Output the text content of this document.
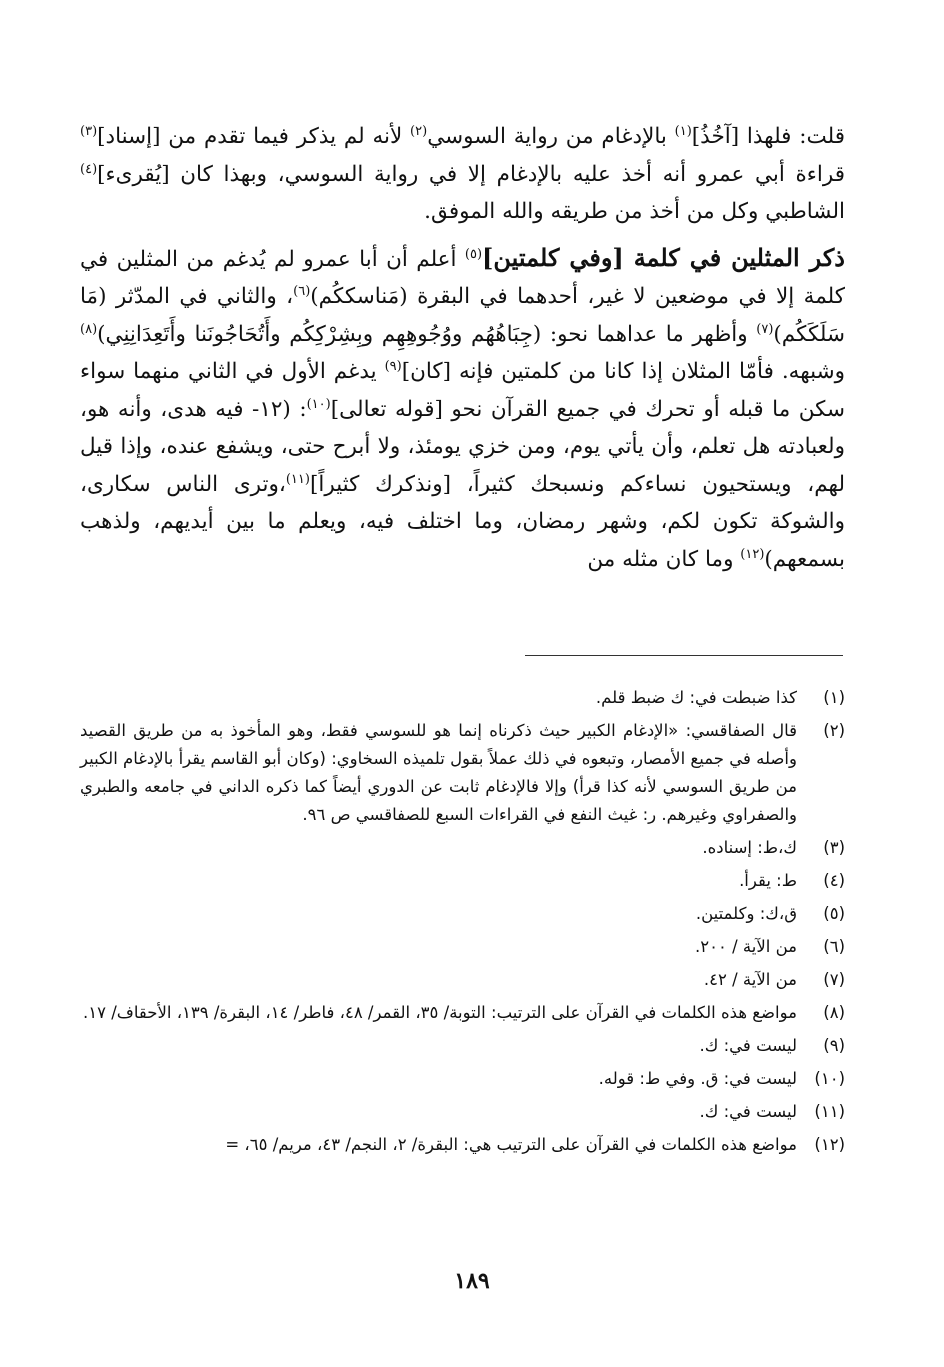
قلت: فلهذا [آخُذُ]$^{(١)}$ بالإدغام من رواية السوسي$^{(٢)}$ لأنه لم يذكر فيما تقدم من [إسناد]$^{(٣)}$ قراءة أبي عمرو أنه أخذ عليه بالإدغام إلا في رواية السوسي، وبهذا كان [يُقرىء]$^{(٤)}$ الشاطبي وكل من أخذ من طريقه والله الموفق.

ذكر المثلين في كلمة [وفي كلمتين]$^{(٥)}$ أعلم أن أبا عمرو لم يُدغم من المثلين في كلمة إلا في موضعين لا غير، أحدهما في البقرة (مَناسككُم)$^{(٦)}$، والثاني في المدّثر (مَا سَلَكَكُم)$^{(٧)}$ وأظهر ما عداهما نحو: (جِبَاهُهُم ووُجُوهِهِم وبِشِرْكِكُم وأَتُحَاجُونَنا وأَتَعِدَانِنِي)$^{(٨)}$ وشبهه. فأمّا المثلان إذا كانا من كلمتين فإنه [كان]$^{(٩)}$ يدغم الأول في الثاني منهما سواء سكن ما قبله أو تحرك في جميع القرآن نحو [قوله تعالى]$^{(١٠)}$: (١٢- فيه هدى، وأنه هو، ولعبادته هل تعلم، وأن يأتي يوم، ومن خزي يومئذ، ولا أبرح حتى، ويشفع عنده، وإذا قيل لهم، ويستحيون نساءكم ونسبحك كثيراً، [ونذكرك كثيراً]$^{(١١)}$،وترى الناس سكارى، والشوكة تكون لكم، وشهر رمضان، وما اختلف فيه، ويعلم ما بين أيديهم، ولذهب بسمعهم)$^{(١٢)}$ وما كان مثله من

(١)
كذا ضبطت في: ك ضبط قلم.
(٢)
قال الصفاقسي: «الإدغام الكبير حيث ذكرناه إنما هو للسوسي فقط، وهو المأخوذ به من طريق القصيد وأصله في جميع الأمصار، وتبعوه في ذلك عملاً بقول تلميذه السخاوي: (وكان أبو القاسم يقرأ بالإدغام الكبير من طريق السوسي لأنه كذا قرأ) وإلا فالإدغام ثابت عن الدوري أيضاً كما ذكره الداني في جامعه والطبري والصفراوي وغيرهم. ر: غيث النفع في القراءات السبع للصفاقسي ص ٩٦.
(٣)
ك،ط: إسناده.
(٤)
ط: يقرأ.
(٥)
ق،ك: وكلمتين.
(٦)
من الآية / ٢٠٠.
(٧)
من الآية / ٤٢.
(٨)
مواضع هذه الكلمات في القرآن على الترتيب: التوبة/ ٣٥، القمر/ ٤٨، فاطر/ ١٤، البقرة/ ١٣٩، الأحقاف/ ١٧.
(٩)
ليست في: ك.
(١٠)
ليست في: ق. وفي ط: قوله.
(١١)
ليست في: ك.
(١٢)
مواضع هذه الكلمات في القرآن على الترتيب هي: البقرة/ ٢، النجم/ ٤٣، مريم/ ٦٥، =
١٨٩
